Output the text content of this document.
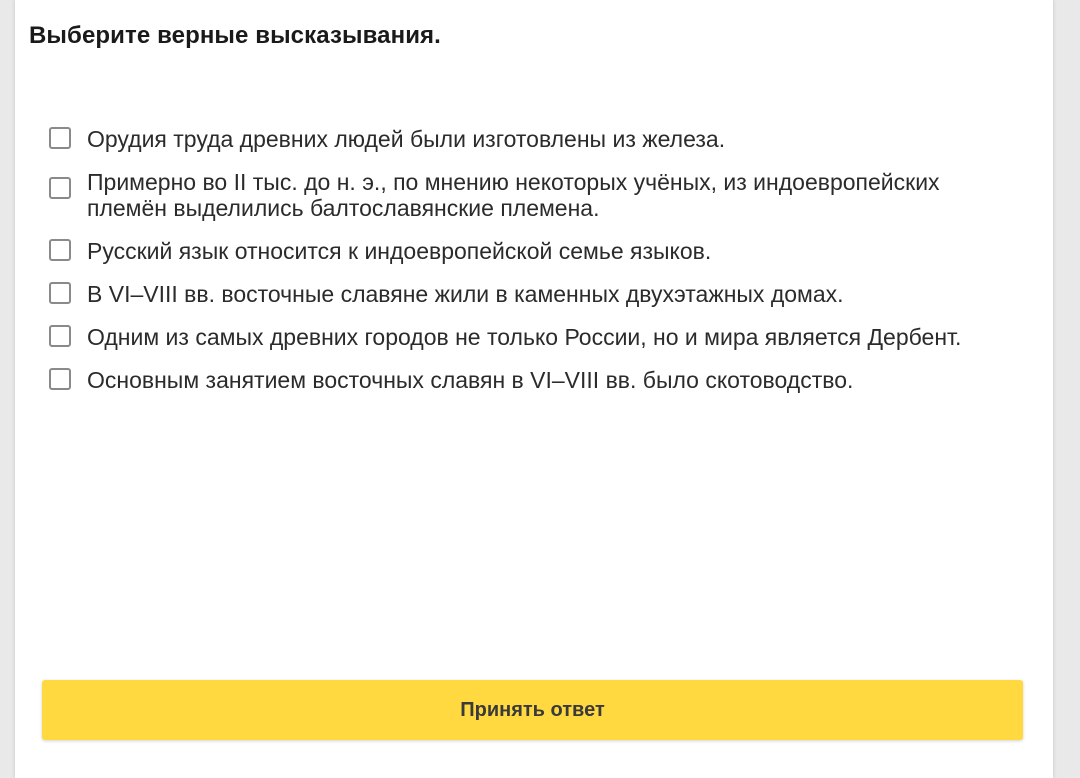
Выберите верные высказывания.
Орудия труда древних людей были изготовлены из железа.
Примерно во II тыс. до н. э., по мнению некоторых учёных, из индоевропейских племён выделились балтославянские племена.
Русский язык относится к индоевропейской семье языков.
В VI–VIII вв. восточные славяне жили в каменных двухэтажных домах.
Одним из самых древних городов не только России, но и мира является Дербент.
Основным занятием восточных славян в VI–VIII вв. было скотоводство.
Принять ответ
